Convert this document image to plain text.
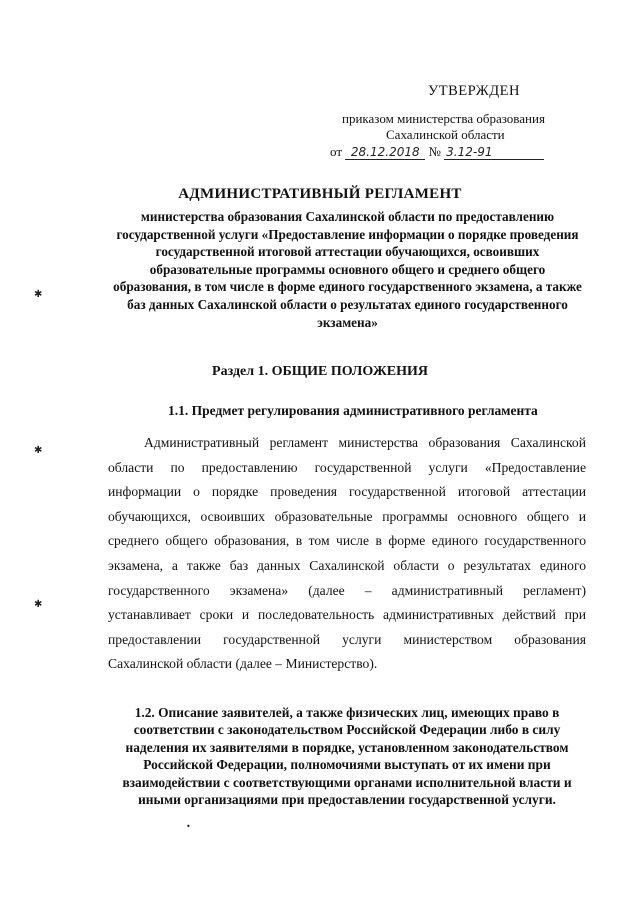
УТВЕРЖДЕН
приказом министерства образования
Сахалинской области
от 28.12.2018 № 3.12-91
АДМИНИСТРАТИВНЫЙ РЕГЛАМЕНТ
министерства образования Сахалинской области по предоставлению государственной услуги «Предоставление информации о порядке проведения государственной итоговой аттестации обучающихся, освоивших образовательные программы основного общего и среднего общего образования, в том числе в форме единого государственного экзамена, а также баз данных Сахалинской области о результатах единого государственного экзамена»
Раздел 1. ОБЩИЕ ПОЛОЖЕНИЯ
1.1. Предмет регулирования административного регламента
Административный регламент министерства образования Сахалинской области по предоставлению государственной услуги «Предоставление информации о порядке проведения государственной итоговой аттестации обучающихся, освоивших образовательные программы основного общего и среднего общего образования, в том числе в форме единого государственного экзамена, а также баз данных Сахалинской области о результатах единого государственного экзамена» (далее – административный регламент) устанавливает сроки и последовательность административных действий при предоставлении государственной услуги министерством образования Сахалинской области (далее – Министерство).
1.2. Описание заявителей, а также физических лиц, имеющих право в соответствии с законодательством Российской Федерации либо в силу наделения их заявителями в порядке, установленном законодательством Российской Федерации, полномочиями выступать от их имени при взаимодействии с соответствующими органами исполнительной власти и иными организациями при предоставлении государственной услуги.
✱
✱
✱
•
